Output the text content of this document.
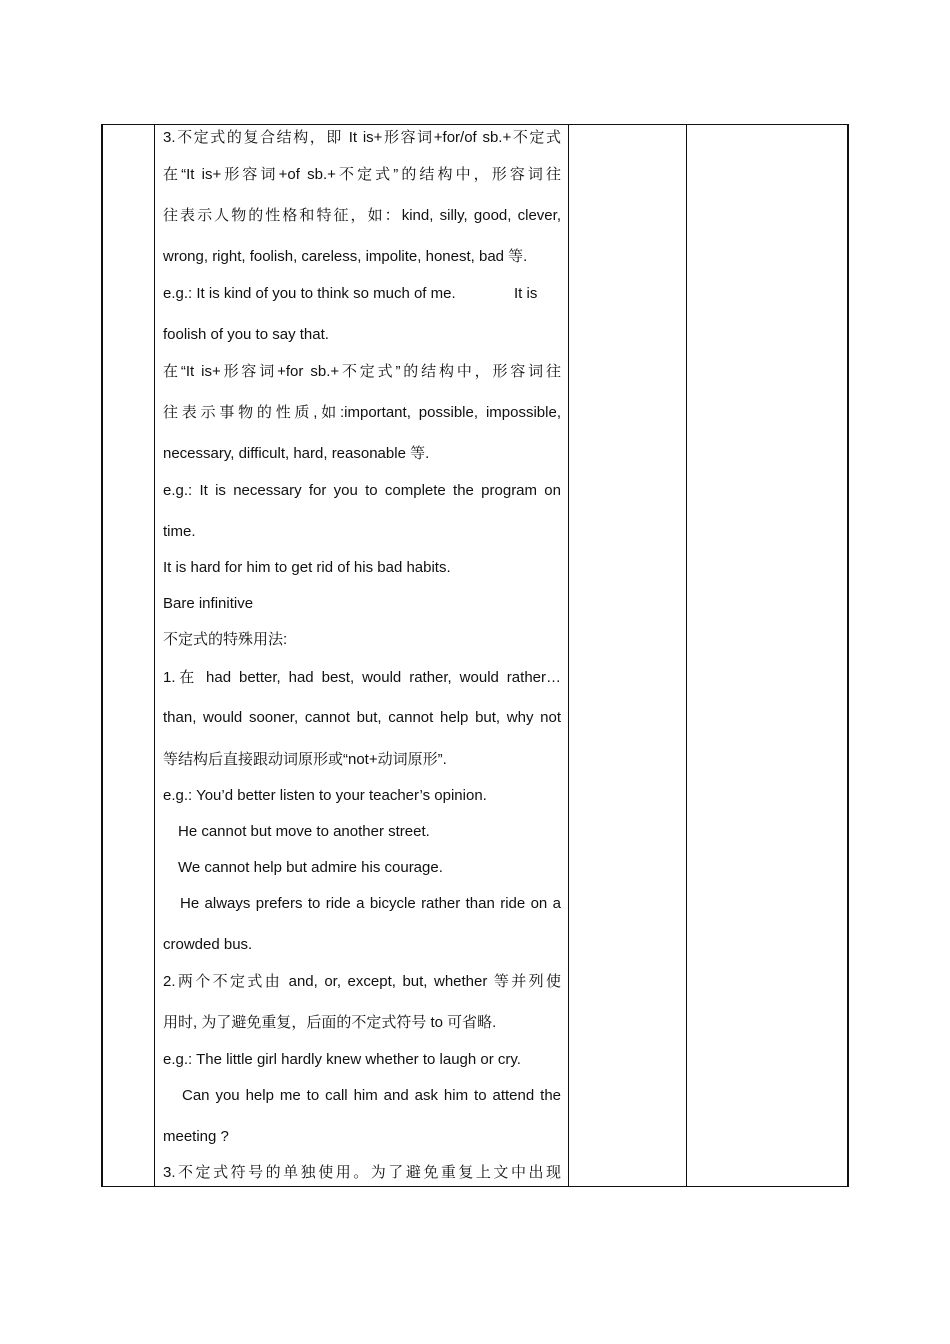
3.不定式的复合结构，即 It is+形容词+for/of sb.+不定式
在“It is+形容词+of sb.+不定式”的结构中，形容词往
往表示人物的性格和特征，如：kind, silly, good, clever,
wrong, right, foolish, careless, impolite, honest, bad 等.
e.g.: It is kind of you to think so much of me.              It is
foolish of you to say that.
在“It is+形容词+for sb.+不定式”的结构中，形容词往
往表示事物的性质,如:important, possible, impossible,
necessary, difficult, hard, reasonable 等.
e.g.: It is necessary for you to complete the program on
time.
It is hard for him to get rid of his bad habits.
Bare infinitive
不定式的特殊用法:
1.在 had better, had best, would rather, would rather…
than, would sooner, cannot but, cannot help but, why not
等结构后直接跟动词原形或“not+动词原形”.
e.g.: You’d better listen to your teacher’s opinion.
He cannot but move to another street.
We cannot help but admire his courage.
He always prefers to ride a bicycle rather than ride on a
crowded bus.
2.两个不定式由 and, or, except, but, whether 等并列使
用时, 为了避免重复，后面的不定式符号 to 可省略.
e.g.: The little girl hardly knew whether to laugh or cry.
Can you help me to call him and ask him to attend the
meeting ?
3.不定式符号的单独使用。为了避免重复上文中出现
